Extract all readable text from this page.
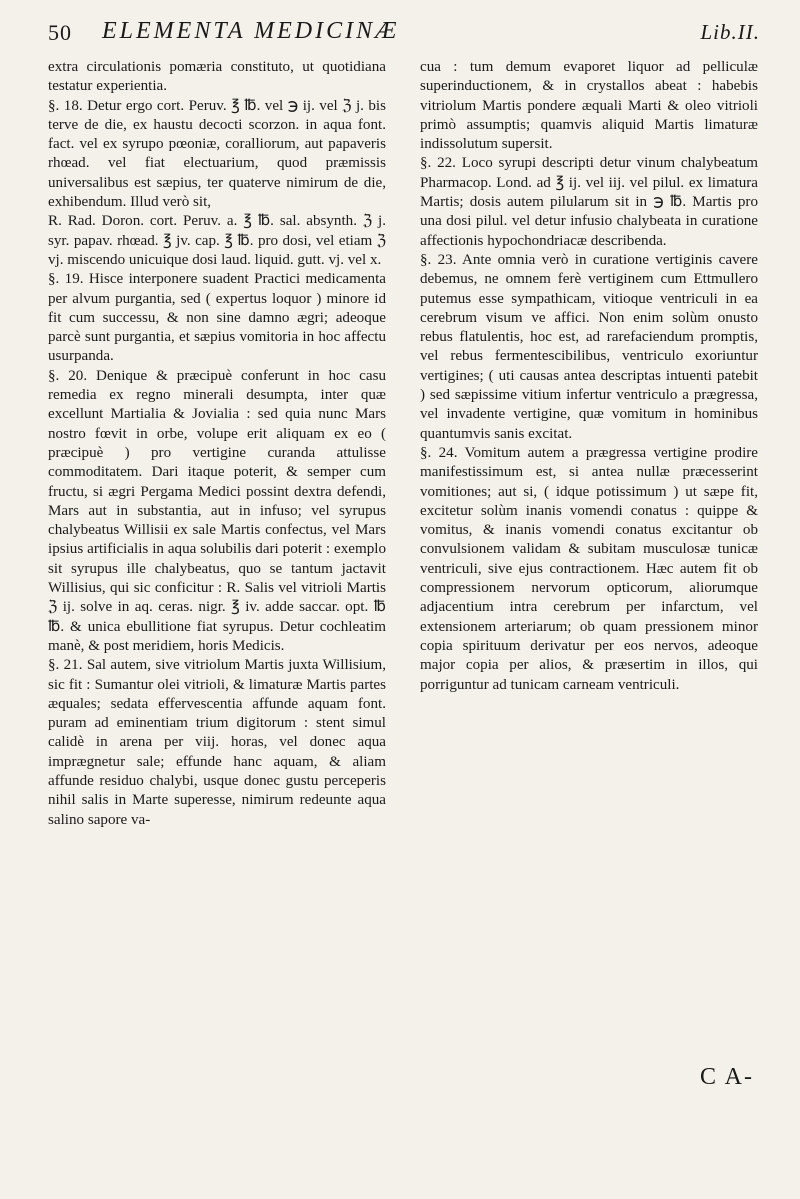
50 ELEMENTA MEDICINÆ	Lib.II.

extra circulationis pomæria constituto, ut quotidiana testatur experientia.

§. 18. Detur ergo cort. Peruv. ℥ ℔. vel ℈ ij. vel ℨ j. bis terve de die, ex haustu decocti scorzon. in aqua font. fact. vel ex syrupo pœoniæ, coralliorum, aut papaveris rhœad. vel fiat electuarium, quod præmissis universalibus est sæpius, ter quaterve nimirum de die, exhibendum. Illud verò sit,

R. Rad. Doron. cort. Peruv. a. ℥ ℔. sal. absynth. ℨ j. syr. papav. rhœad. ℥ jv. cap. ℥ ℔. pro dosi, vel etiam ℨ vj. miscendo unicuique dosi laud. liquid. gutt. vj. vel x.

§. 19. Hisce interponere suadent Practici medicamenta per alvum purgantia, sed ( expertus loquor ) minore id fit cum successu, & non sine damno ægri; adeoque parcè sunt purgantia, et sæpius vomitoria in hoc affectu usurpanda.

§. 20. Denique & præcipuè conferunt in hoc casu remedia ex regno minerali desumpta, inter quæ excellunt Martialia & Jovialia : sed quia nunc Mars nostro fœvit in orbe, volupe erit aliquam ex eo ( præcipuè ) pro vertigine curanda attulisse commoditatem. Dari itaque poterit, & semper cum fructu, si ægri Pergama Medici possint dextra defendi, Mars aut in substantia, aut in infuso; vel syrupus chalybeatus Willisii ex sale Martis confectus, vel Mars ipsius artificialis in aqua solubilis dari poterit : exemplo sit syrupus ille chalybeatus, quo se tantum jactavit Willisius, qui sic conficitur : R. Salis vel vitrioli Martis ℨ ij. solve in aq. ceras. nigr. ℥ iv. adde saccar. opt. ℔ ℔. & unica ebullitione fiat syrupus. Detur cochleatim manè, & post meridiem, horis Medicis.

§. 21. Sal autem, sive vitriolum Martis juxta Willisium, sic fit : Sumantur olei vitrioli, & limaturæ Martis partes æquales; sedata effervescentia affunde aquam font. puram ad eminentiam trium digitorum : stent simul calidè in arena per viij. horas, vel donec aqua imprægnetur sale; effunde hanc aquam, & aliam affunde residuo chalybi, usque donec gustu perceperis nihil salis in Marte superesse, nimirum redeunte aqua salino sapore va-

cua : tum demum evaporet liquor ad pelliculæ superinductionem, & in crystallos abeat : habebis vitriolum Martis pondere æquali Marti & oleo vitrioli primò assumptis; quamvis aliquid Martis limaturæ indissolutum supersit.

§. 22. Loco syrupi descripti detur vinum chalybeatum Pharmacop. Lond. ad ℥ ij. vel iij. vel pilul. ex limatura Martis; dosis autem pilularum sit in ℈ ℔. Martis pro una dosi pilul. vel detur infusio chalybeata in curatione affectionis hypochondriacæ describenda.

§. 23. Ante omnia verò in curatione vertiginis cavere debemus, ne omnem ferè vertiginem cum Ettmullero putemus esse sympathicam, vitioque ventriculi in ea cerebrum visum ve affici. Non enim solùm onusto rebus flatulentis, hoc est, ad rarefaciendum promptis, vel rebus fermentescibilibus, ventriculo exoriuntur vertigines; ( uti causas antea descriptas intuenti patebit ) sed sæpissime vitium infertur ventriculo a prægressa, vel invadente vertigine, quæ vomitum in hominibus quantumvis sanis excitat.

§. 24. Vomitum autem a prægressa vertigine prodire manifestissimum est, si antea nullæ præcesserint vomitiones; aut si, ( idque potissimum ) ut sæpe fit, excitetur solùm inanis vomendi conatus : quippe & vomitus, & inanis vomendi conatus excitantur ob convulsionem validam & subitam musculosæ tunicæ ventriculi, sive ejus contractionem. Hæc autem fit ob compressionem nervorum opticorum, aliorumque adjacentium intra cerebrum per infarctum, vel extensionem arteriarum; ob quam pressionem minor copia spirituum derivatur per eos nervos, adeoque major copia per alios, & præsertim in illos, qui porriguntur ad tunicam carneam ventriculi.

C A-
